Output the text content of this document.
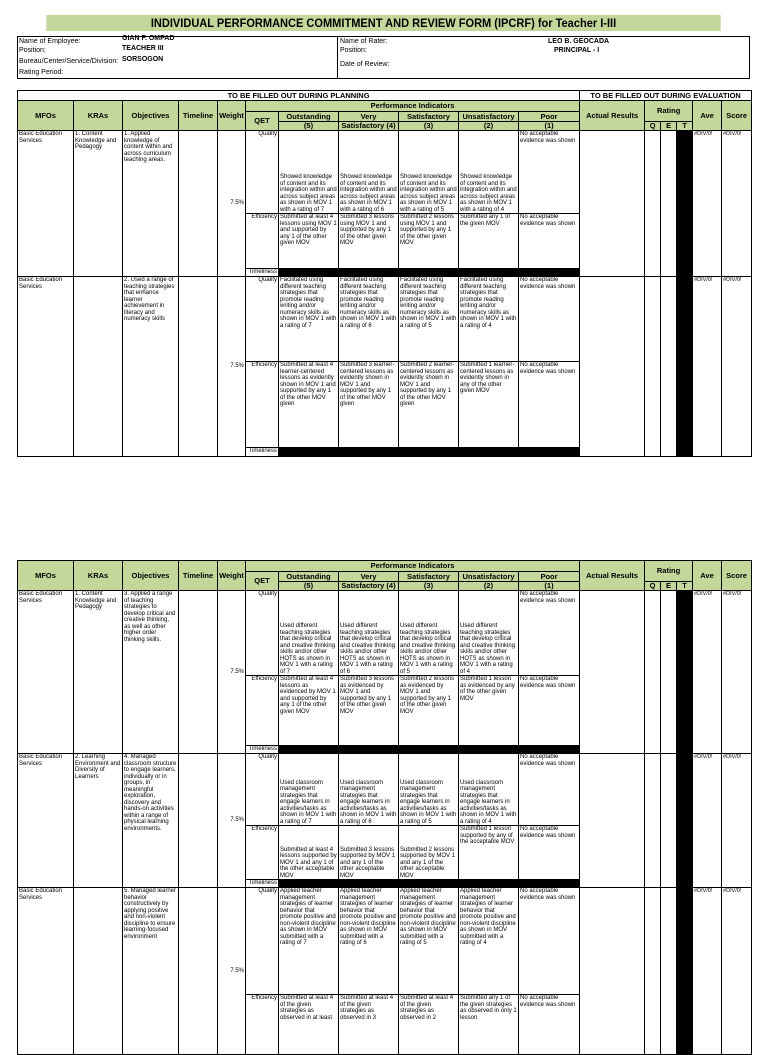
INDIVIDUAL PERFORMANCE COMMITMENT AND REVIEW FORM (IPCRF) for Teacher I-III
Name of Employee:	GIAN F. OMPAD
Position:	TEACHER III
Bureau/Center/Service/Division: SORSOGON
Rating Period:
Name of Rater:	LEO B. GEOCADA
Position:	PRINCIPAL - I
Date of Review:
TO BE FILLED OUT DURING PLANNING											TO BE FILLED OUT DURING EVALUATION					
MFOs	KRAs	Objectives	Timeline	Weight	Performance Indicators						Actual Results	Rating			Ave	Score
					QET	Outstanding	Very	Satisfactory	Unsatisfactory	Poor						
						(5)	Satisfactory (4)	(3)	(2)	(1)		Q	E	T		
Basic Education Services	1. Content Knowledge and Pedagogy	1. Applied knowledge of content within and across curriculum teaching areas.		7.5%	Quality	Showed knowledge of content and its integration within and across subject areas as shown in MOV 1 with a rating of 7	Showed knowledge of content and its integration within and across subject areas as shown in MOV 1 with a rating of 6	Showed knowledge of content and its integration within and across subject areas as shown in MOV 1 with a rating of 5	Showed knowledge of content and its integration within and across subject areas as shown in MOV 1 with a rating of 4	No acceptable evidence was shown					#DIV/0!	#DIV/0!
					Efficiency	Submitted at least 4 lessons using MOV 1 and supported by any 1 of the other given MOV	Submitted 3 lessons using MOV 1 and supported by any 1 of the other given MOV	Submitted 2 lessons using MOV 1 and supported by any 1 of the other given MOV	Submitted any 1 of the given MOV	No acceptable evidence was shown						
					Timeliness											
Basic Education Services		2. Used a range of teaching strategies that enhance learner achievement in literacy and numeracy skills		7.5%	Quality	Facilitated using different teaching strategies that promote reading writing and/or numeracy skills as shown in MOV 1 with a rating of 7	Facilitated using different teaching strategies that promote reading writing and/or numeracy skills as shown in MOV 1 with a rating of 6	Facilitated using different teaching strategies that promote reading writing and/or numeracy skills as shown in MOV 1 with a rating of 5	Facilitated using different teaching strategies that promote reading writing and/or numeracy skills as shown in MOV 1 with a rating of 4	No acceptable evidence was shown					#DIV/0!	#DIV/0!
					Efficiency	Submitted at least 4 learner-centered lessons as evidently shown in MOV 1 and supported by any 1 of the other MOV given	Submitted 3 learner-centered lessons as evidently shown in MOV 1 and supported by any 1 of the other MOV given	Submitted 2 learner-centered lessons as evidently shown in MOV 1 and supported by any 1 of the other MOV given	Submitted 1 learner-centered lessons as evidently shown in any of the other given MOV	No acceptable evidence was shown						
					Timeliness											
MFOs	KRAs	Objectives	Timeline	Weight	Performance Indicators						Actual Results	Rating			Ave	Score
					QET	Outstanding	Very	Satisfactory	Unsatisfactory	Poor						
						(5)	Satisfactory (4)	(3)	(2)	(1)		Q	E	T		
Basic Education Services	1. Content Knowledge and Pedagogy	3. Applied a range of teaching strategies to develop critical and creative thinking, as well as other higher order thinking skills.		7.5%	Quality	Used different teaching strategies that develop critical and creative thinking skills and/or other HOTS as shown in MOV 1 with a rating of 7	Used different teaching strategies that develop critical and creative thinking skills and/or other HOTS as shown in MOV 1 with a rating of 6	Used different teaching strategies that develop critical and creative thinking skills and/or other HOTS as shown in MOV 1 with a rating of 5	Used different teaching strategies that develop critical and creative thinking skills and/or other HOTS as shown in MOV 1 with a rating of 4	No acceptable evidence was shown					#DIV/0!	#DIV/0!
					Efficiency	Submitted at least 4 lessons as evidenced by MOV 1 and supported by any 1 of the other given MOV	Submitted 3 lessons as evidenced by MOV 1 and supported by any 1 of the other given MOV	Submitted 2 lessons as evidenced by MOV 1 and supported by any 1 of the other given MOV	Submitted 1 lesson as evidenced by any of the other given MOV	No acceptable evidence was shown						
					Timeliness											
Basic Education Services	2. Learning Environment and Diversity of Learners	4. Managed classroom structure to engage learners, individually or in groups, in meaningful exploration, discovery and hands-on activities within a range of physical learning environments.		7.5%	Quality	Used classroom management strategies that engage learners in activities/tasks as shown in MOV 1 with a rating of 7	Used classroom management strategies that engage learners in activities/tasks as shown in MOV 1 with a rating of 6	Used classroom management strategies that engage learners in activities/tasks as shown in MOV 1 with a rating of 5	Used classroom management strategies that engage learners in activities/tasks as shown in MOV 1 with a rating of 4	No acceptable evidence was shown					#DIV/0!	#DIV/0!
					Efficiency	Submitted at least 4 lessons supported by MOV 1 and any 1 of the other acceptable MOV	Submitted 3 lessons supported by MOV 1 and any 1 of the other acceptable MOV	Submitted 2 lessons supported by MOV 1 and any 1 of the other acceptable MOV	Submitted 1 lesson supported by any of the acceptable MOV	No acceptable evidence was shown						
					Timeliness											
Basic Education Services		5. Managed learner behavior constructively by applying positive and non-violent discipline to ensure learning-focused environment		7.5%	Quality	Applied teacher management strategies of learner behavior that promote positive and non-violent discipline as shown in MOV submitted with a rating of 7	Applied teacher management strategies of learner behavior that promote positive and non-violent discipline as shown in MOV submitted with a rating of 6	Applied teacher management strategies of learner behavior that promote positive and non-violent discipline as shown in MOV submitted with a rating of 5	Applied teacher management strategies of learner behavior that promote positive and non-violent discipline as shown in MOV submitted with a rating of 4	No acceptable evidence was shown					#DIV/0!	#DIV/0!
					Efficiency	Submitted at least 4 of the given strategies as observed in at least	Submitted at least 4 of the given strategies as observed in 3	Submitted at least 4 of the given strategies as observed in 2	Submitted any 1 of the given strategies as observed in only 1 lesson	No acceptable evidence was shown						
